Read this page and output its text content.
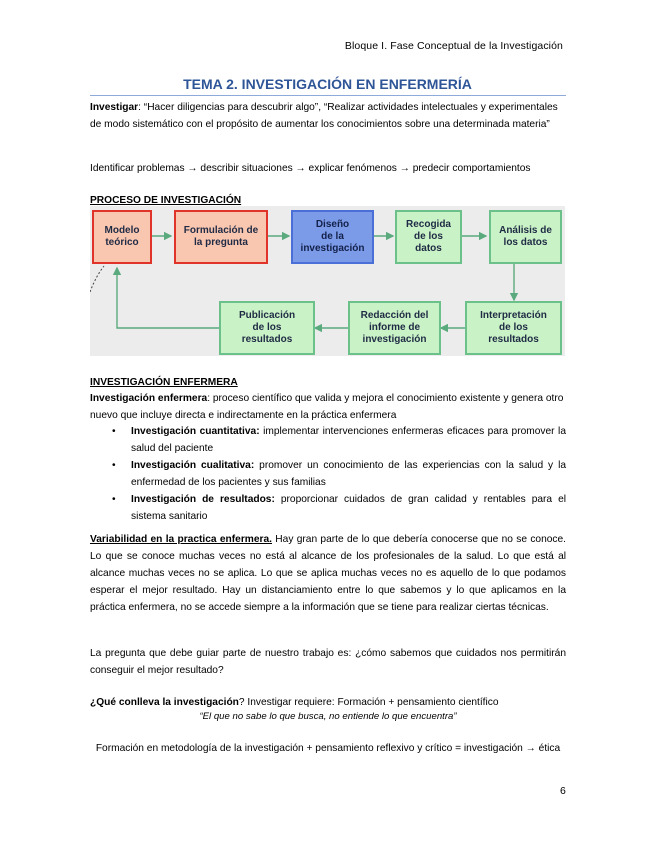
Bloque I. Fase Conceptual de la Investigación
TEMA 2. INVESTIGACIÓN EN ENFERMERÍA
Investigar: “Hacer diligencias para descubrir algo”, “Realizar actividades intelectuales y experimentales de modo sistemático con el propósito de aumentar los conocimientos sobre una determinada materia”
Identificar problemas → describir situaciones → explicar fenómenos → predecir comportamientos
PROCESO DE INVESTIGACIÓN
Modelo
teórico
Formulación de
la pregunta
Diseño
de la
investigación
Recogida
de los
datos
Análisis de
los datos
Interpretación
de los
resultados
Redacción del
informe de
investigación
Publicación
de los
resultados
INVESTIGACIÓN ENFERMERA
Investigación enfermera: proceso científico que valida y mejora el conocimiento existente y genera otro nuevo que incluye directa e indirectamente en la práctica enfermera
• Investigación cuantitativa: implementar intervenciones enfermeras eficaces para promover la salud del paciente
• Investigación cualitativa: promover un conocimiento de las experiencias con la salud y la enfermedad de los pacientes y sus familias
• Investigación de resultados: proporcionar cuidados de gran calidad y rentables para el sistema sanitario
Variabilidad en la practica enfermera. Hay gran parte de lo que debería conocerse que no se conoce. Lo que se conoce muchas veces no está al alcance de los profesionales de la salud. Lo que está al alcance muchas veces no se aplica. Lo que se aplica muchas veces no es aquello de lo que podamos esperar el mejor resultado. Hay un distanciamiento entre lo que sabemos y lo que aplicamos en la práctica enfermera, no se accede siempre a la información que se tiene para realizar ciertas técnicas.
La pregunta que debe guiar parte de nuestro trabajo es: ¿cómo sabemos que cuidados nos permitirán conseguir el mejor resultado?
¿Qué conlleva la investigación? Investigar requiere: Formación + pensamiento científico
“El que no sabe lo que busca, no entiende lo que encuentra”
Formación en metodología de la investigación + pensamiento reflexivo y crítico = investigación → ética
6
